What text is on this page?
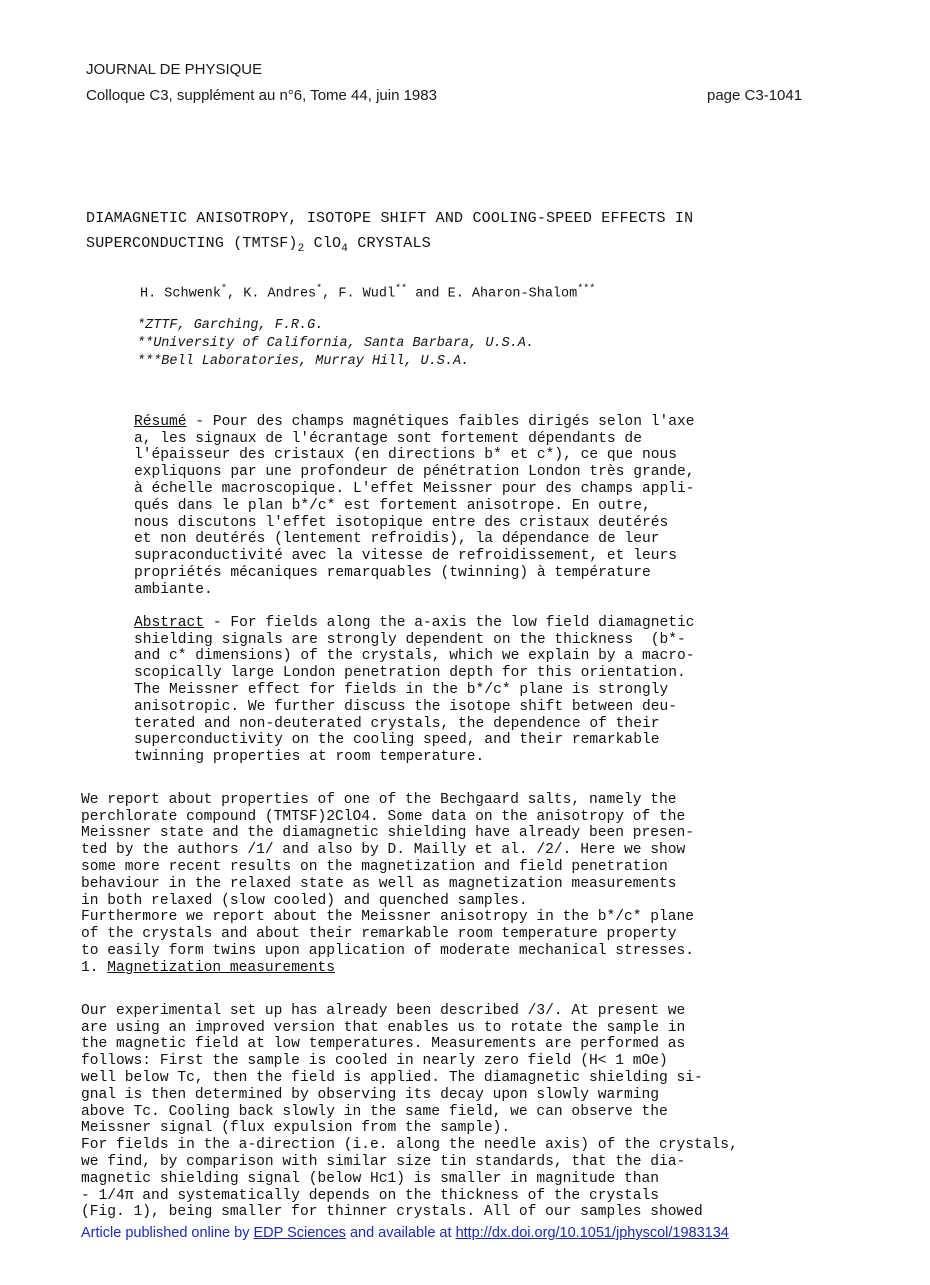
JOURNAL DE PHYSIQUE
Colloque C3, supplément au n°6, Tome 44, juin 1983	page C3-1041
DIAMAGNETIC ANISOTROPY, ISOTOPE SHIFT AND COOLING-SPEED EFFECTS IN
SUPERCONDUCTING $(TMTSF)_2$ ClO$_4$ CRYSTALS
H. Schwenk*, K. Andres*, F. Wudl** and E. Aharon-Shalom***
*ZTTF, Garching, F.R.G.
**University of California, Santa Barbara, U.S.A.
***Bell Laboratories, Murray Hill, U.S.A.

Résumé - Pour des champs magnétiques faibles dirigés selon l'axe
a, les signaux de l'écrantage sont fortement dépendants de
l'épaisseur des cristaux (en directions b* et c*), ce que nous
expliquons par une profondeur de pénétration London très grande,
à échelle macroscopique. L'effet Meissner pour des champs appli-
qués dans le plan b*/c* est fortement anisotrope. En outre,
nous discutons l'effet isotopique entre des cristaux deutérés
et non deutérés (lentement refroidis), la dépendance de leur
supraconductivité avec la vitesse de refroidissement, et leurs
propriétés mécaniques remarquables (twinning) à température
ambiante.

Abstract - For fields along the a-axis the low field diamagnetic
shielding signals are strongly dependent on the thickness  (b*-
and c* dimensions) of the crystals, which we explain by a macro-
scopically large London penetration depth for this orientation.
The Meissner effect for fields in the b*/c* plane is strongly
anisotropic. We further discuss the isotope shift between deu-
terated and non-deuterated crystals, the dependence of their
superconductivity on the cooling speed, and their remarkable
twinning properties at room temperature.

We report about properties of one of the Bechgaard salts, namely the
perchlorate compound (TMTSF)2ClO4. Some data on the anisotropy of the
Meissner state and the diamagnetic shielding have already been presen-
ted by the authors /1/ and also by D. Mailly et al. /2/. Here we show
some more recent results on the magnetization and field penetration
behaviour in the relaxed state as well as magnetization measurements
in both relaxed (slow cooled) and quenched samples.
Furthermore we report about the Meissner anisotropy in the b*/c* plane
of the crystals and about their remarkable room temperature property
to easily form twins upon application of moderate mechanical stresses.

1. Magnetization measurements

Our experimental set up has already been described /3/. At present we
are using an improved version that enables us to rotate the sample in
the magnetic field at low temperatures. Measurements are performed as
follows: First the sample is cooled in nearly zero field (H< 1 mOe)
well below Tc, then the field is applied. The diamagnetic shielding si-
gnal is then determined by observing its decay upon slowly warming
above Tc. Cooling back slowly in the same field, we can observe the
Meissner signal (flux expulsion from the sample).
For fields in the a-direction (i.e. along the needle axis) of the crystals,
we find, by comparison with similar size tin standards, that the dia-
magnetic shielding signal (below Hc1) is smaller in magnitude than
- 1/4π and systematically depends on the thickness of the crystals
(Fig. 1), being smaller for thinner crystals. All of our samples showed

Article published online by EDP Sciences and available at http://dx.doi.org/10.1051/jphyscol/1983134
